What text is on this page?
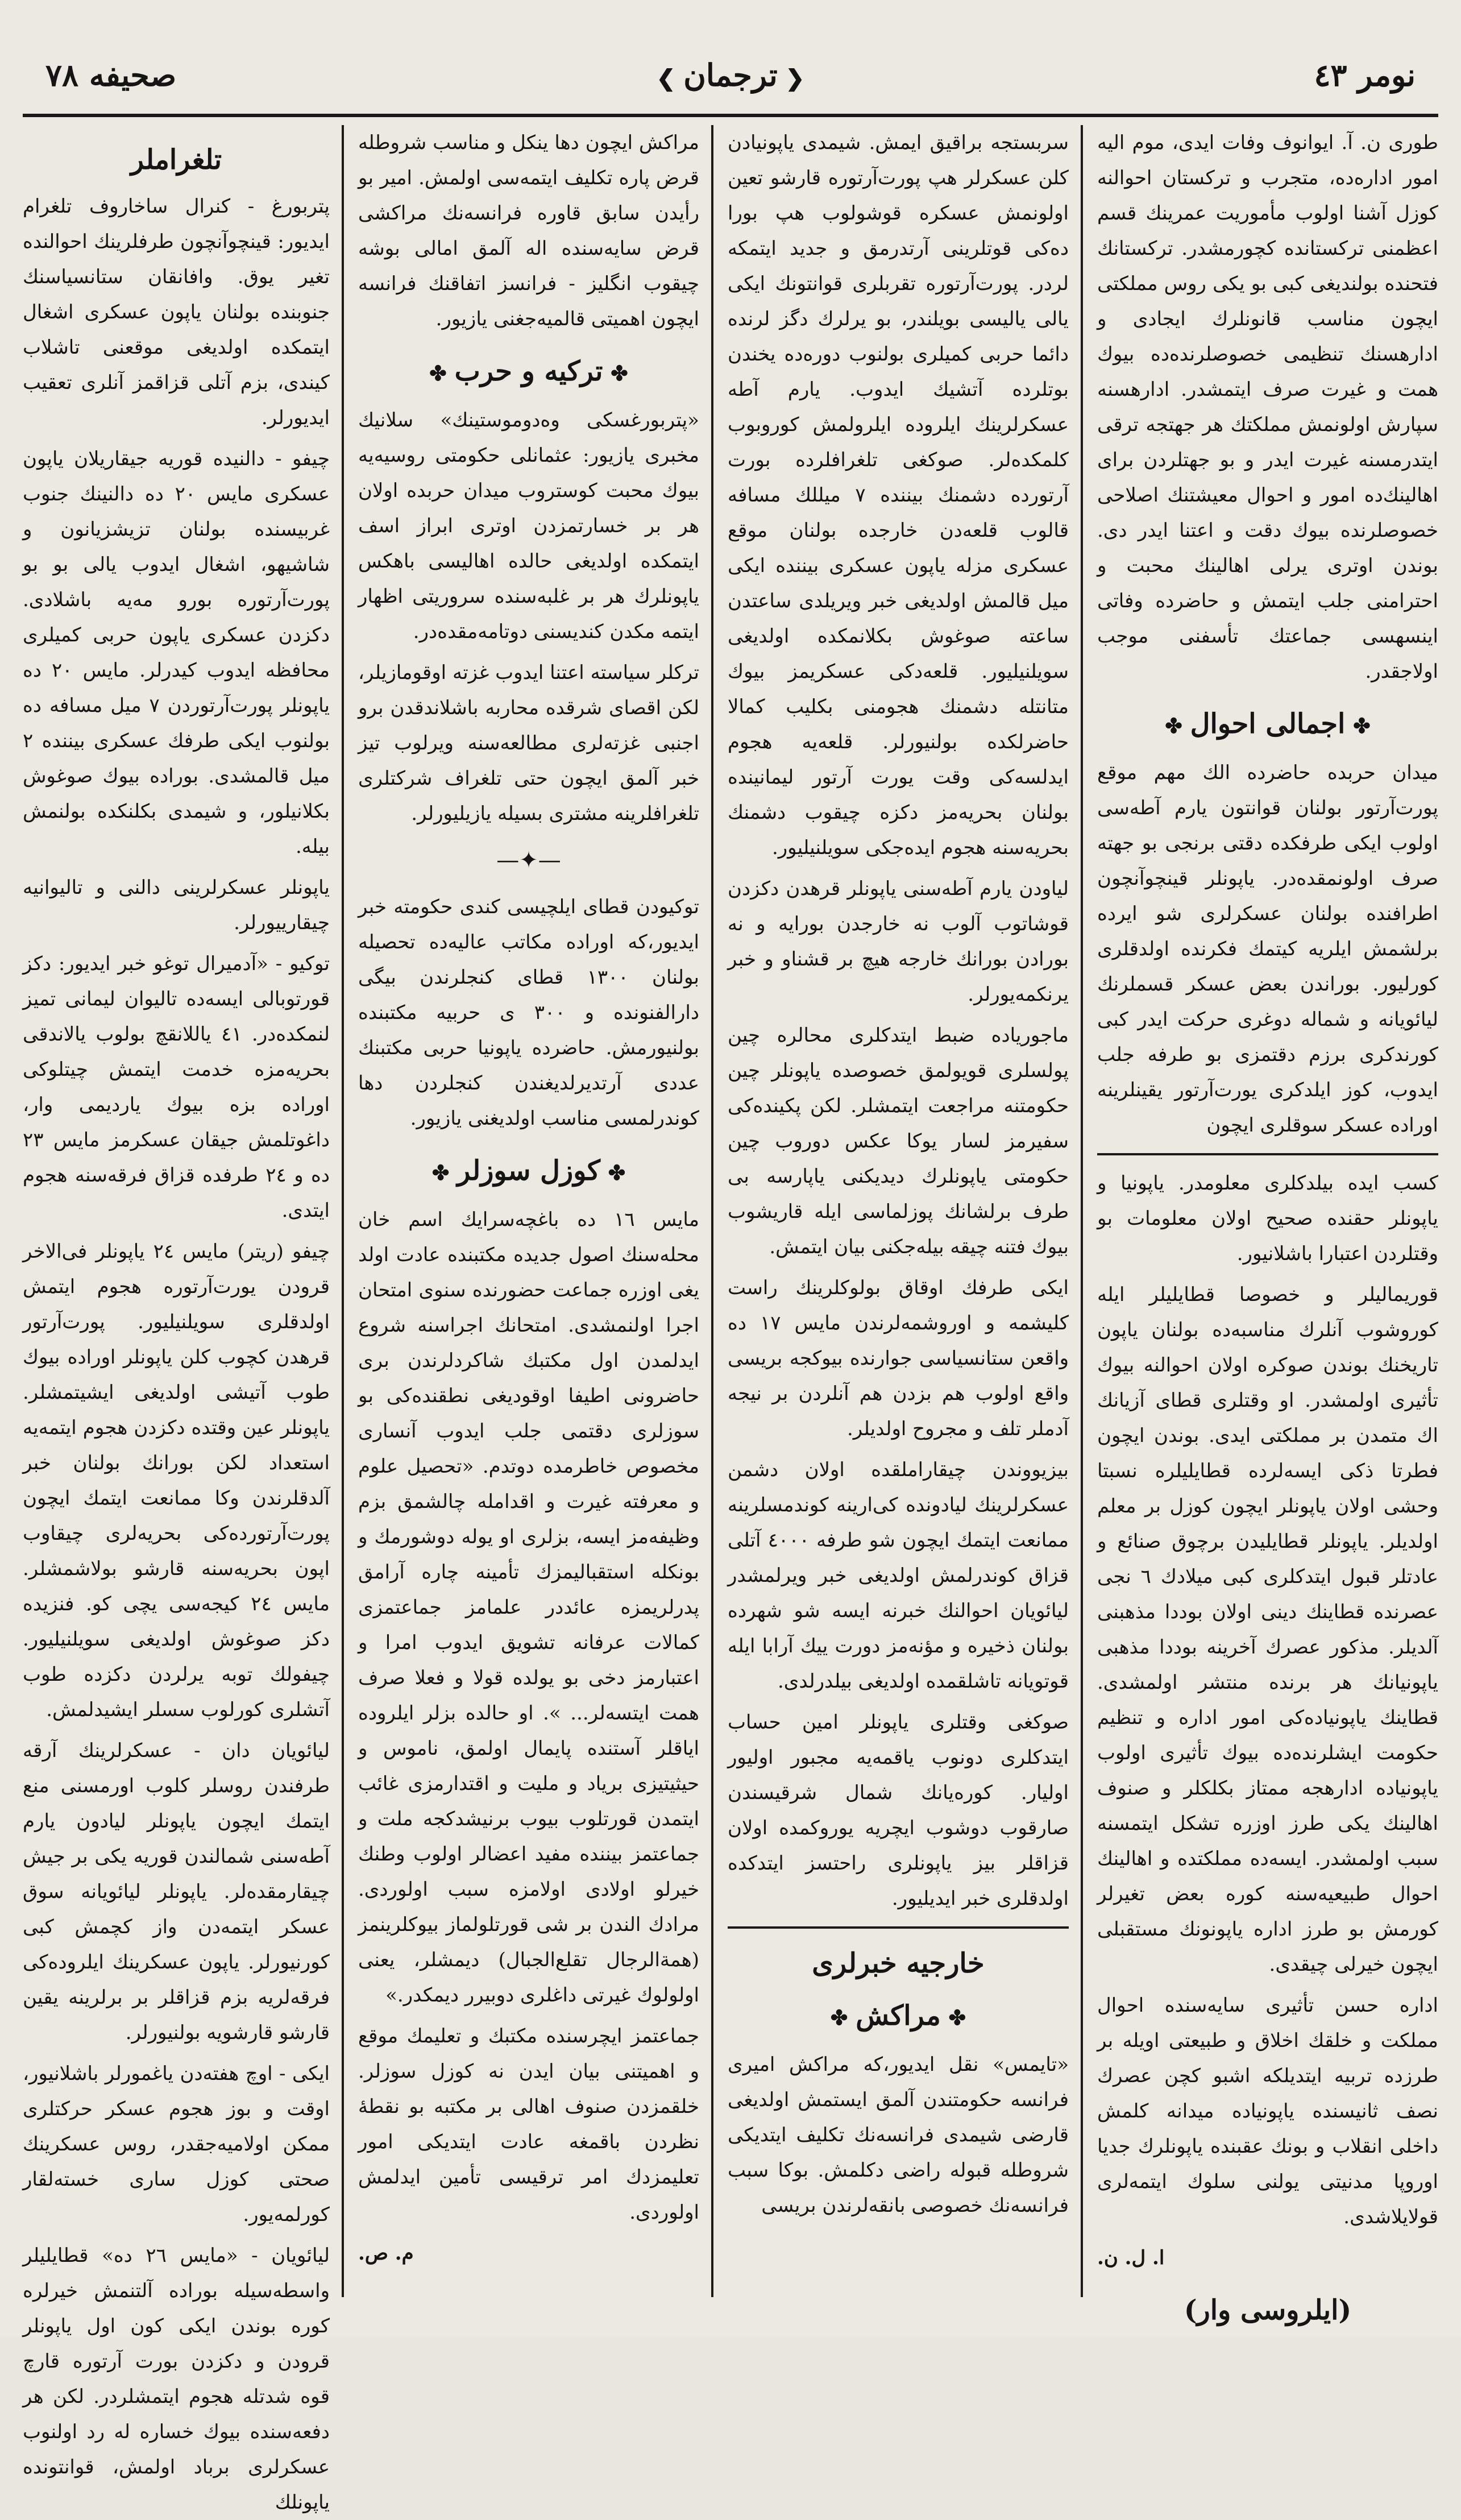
نومر ٤٣
❮ترجمان❯
صحیفه ٧٨

طوری ن. آ. ایوانوف وفات ایدی، موم الیه امور اداره‌ده، متجرب و ترکستان احوالنه کوزل آشنا اولوب مأموریت عمرینك قسم اعظمنی ترکستانده کچورمشدر. ترکستانك فتحنده بولندیغی کبی بو یکی روس مملکتی ایچون مناسب قانونلرك ایجادی و ادارهسنك تنظیمی خصوصلرنده‌ده بیوك همت و غیرت صرف ایتمشدر. ادارهسنه سپارش اولونمش مملکتك هر جهتجه ترقی ایتدرمسنه غیرت ایدر و بو جهتلردن برای اهالینك‌ده امور و احوال معیشتنك اصلاحی خصوصلرنده بیوك دقت و اعتنا ایدر دی. بوندن اوتری یرلی اهالینك محبت و احترامنی جلب ایتمش و حاضرده وفاتی اینسهسی جماعتك تأسفنی موجب اولاجقدر.

✤اجمالی احوال✤

میدان حربده حاضرده الك مهم موقع پورت‌آرتور بولنان قوانتون یارم آطه‌سی اولوب ایکی طرفکده دقتی برنجی بو جهته صرف اولونمقده‌در. یاپونلر قینچوآنچون اطرافنده بولنان عسکرلری شو ایرده برلشمش ایلریه کیتمك فکرنده اولدقلری کورلیور. بوراندن بعض عسکر قسملرنك لیائویانه و شماله دوغری حرکت ایدر کبی کورندکری برزم دقتمزی بو طرفه جلب ایدوب، کوز ایلدکری یورت‌آرتور یقینلرینه اوراده عسکر سوقلری ایچون

کسب ایده بیلدکلری معلومدر. یاپونیا و یاپونلر حقنده صحیح اولان معلومات بو وقتلردن اعتبارا باشلانیور.

قوریمالیلر و خصوصا قطایلیلر ایله کوروشوب آنلرك مناسبه‌ده بولنان یاپون تاریخنك بوندن صوکره اولان احوالنه بیوك تأثیری اولمشدر. او وقتلری قطای آزیانك اك متمدن بر مملکتی ایدی. بوندن ایچون فطرتا ذکی ایسه‌لرده قطایلیلره نسبتا وحشی اولان یاپونلر ایچون کوزل بر معلم اولدیلر. یاپونلر قطایلیدن برچوق صنائع و عادتلر قبول ایتدکلری کبی میلادك ٦ نجی عصرنده قطاینك دینی اولان بوددا مذهبنی آلدیلر. مذکور عصرك آخرینه بوددا مذهبی یاپونیانك هر برنده منتشر اولمشدی. قطاینك یاپونیاده‌کی امور اداره و تنظیم حکومت ایشلرنده‌ده بیوك تأثیری اولوب یاپونیاده ادارهجه ممتاز بکلکلر و صنوف اهالینك یکی طرز اوزره تشکل ایتمسنه سبب اولمشدر. ایسه‌ده مملکتده و اهالینك احوال طبیعیه‌سنه کوره بعض تغیرلر کورمش بو طرز اداره یاپونونك مستقبلی ایچون خیرلی چیقدی.

اداره حسن تأثیری سایه‌سنده احوال مملکت و خلقك اخلاق و طبیعتی اویله بر طرزده تربیه ایتدیلکه اشبو کچن عصرك نصف ثانیسنده یاپونیاده میدانه کلمش داخلی انقلاب و بونك عقبنده یاپونلرك جدیا اوروپا مدنیتی یولنی سلوك ایتمه‌لری قولایلاشدی.

ا. ل. ن.
(ایلروسی وار)

سربستجه براقیق ایمش. شیمدی یاپونیادن کلن عسکرلر هپ پورت‌آرتوره قارشو تعین اولونمش عسکره قوشولوب هپ بورا ده‌کی قوتلرینی آرتدرمق و جدید ایتمکه لردر. پورت‌آرتوره تقربلری قوانتونك ایکی یالی یالیسی بویلندر، بو یرلرك دگز لرنده دائما حربی کمیلری بولنوب دوره‌ده یخندن بوتلرده آتشیك ایدوب. یارم آطه عسکرلرینك ایلروده ایلرولمش کوروبوب کلمکده‌لر. صوکغی تلغرافلرده بورت آرتورده دشمنك بیننده ٧ میللك مسافه قالوب قلعه‌دن خارجده بولنان موقع عسکری مزله یاپون عسکری بیننده ایکی میل قالمش اولدیغی خبر ویریلدی ساعتدن ساعته صوغوش بکلانمکده اولدیغی سویلنیلیور. قلعه‌دکی عسکریمز بیوك متانتله دشمنك هجومنی بکلیب کمالا حاضرلکده بولنیورلر. قلعه‌یه هجوم ایدلسه‌کی وقت یورت آرتور لیمانینده بولنان بحریه‌مز دکزه چیقوب دشمنك بحریه‌سنه هجوم ایده‌جکی سویلنیلیور.

لیاودن یارم آطه‌سنی یاپونلر قرهدن دکزدن قوشاتوب آلوب نه خارجدن بورایه و نه بورادن بورانك خارجه هیچ بر قشناو و خبر یرنکمه‌یورلر.

ماجوریاده ضبط ایتدکلری محالره چین پولسلری قویولمق خصوصده یاپونلر چین حکومتنه مراجعت ایتمشلر. لکن پکینده‌کی سفیرمز لسار یوکا عکس دوروب چین حکومتی یاپونلرك دیدیکنی یاپارسه بی طرف برلشانك پوزلماسی ایله قاریشوب بیوك فتنه چیقه بیله‌جکنی بیان ایتمش.

ایکی طرفك اوقاق بولوکلرینك راست کلیشمه و اوروشمه‌لرندن مایس ١٧ ده واقعن ستانسیاسی جوارنده بیوکجه بریسی واقع اولوب هم بزدن هم آنلردن بر نیجه آدملر تلف و مجروح اولدیلر.

بیزیووندن چیقاراملقده اولان دشمن عسکرلرینك لیادونده کی‌ارینه کوندمسلرینه ممانعت ایتمك ایچون شو طرفه ٤٠٠٠ آتلی قزاق کوندرلمش اولدیغی خبر ویرلمشدر لیائویان احوالنك خبرنه ایسه شو شهرده بولنان ذخیره و مؤنه‌مز دورت ییك آرابا ایله قوتویانه تاشلقمده اولدیغی بیلدرلدی.

صوکغی وقتلری یاپونلر امین حساب ایتدکلری دونوب یاقمه‌یه مجبور اولیور اولیار. کوره‌یانك شمال شرقیسندن صارقوب دوشوب ایچریه یوروکمده اولان قزاقلر بیز یاپونلری راحتسز ایتدکده اولدقلری خبر ایدیلیور.

خارجیه خبرلری
✤مراکش✤

«تایمس» نقل ایدیور،که مراکش امیری فرانسه حکومتندن آلمق ایستمش اولدیغی قارضی شیمدی فرانسه‌نك تکلیف ایتدیکی شروطله قبوله راضی دکلمش. بوکا سبب فرانسه‌نك خصوصی بانقه‌لرندن بریسی

مراکش ایچون دها ینکل و مناسب شروطله قرض پاره تکلیف ایتمه‌سی اولمش. امیر بو رأیدن سابق قاوره فرانسه‌نك مراکشی قرض سایه‌سنده اله آلمق امالی بوشه چیقوب انگلیز - فرانسز اتفاقنك فرانسه ایچون اهمیتی قالمیه‌جغنی یازیور.

✤ترکیه و حرب✤

«پتربورغسکی وه‌دوموستینك» سلانیك مخبری یازیور: عثمانلی حکومتی روسیه‌یه بیوك محبت کوستروب میدان حربده اولان هر بر خسارتمزدن اوتری ابراز اسف ایتمکده اولدیغی حالده اهالیسی باهکس یاپونلرك هر بر غلبه‌سنده سروریتی اظهار ایتمه مکدن کندیسنی دوتامه‌مقده‌در.

ترکلر سیاسته اعتنا ایدوب غزته اوقومازیلر، لکن اقصای شرقده محاربه باشلاندقدن برو اجنبی غزته‌لری مطالعه‌سنه ویرلوب تیز خبر آلمق ایچون حتی تلغراف شرکتلری تلغرافلرینه مشتری بسیله یازیلیورلر.

—✦—

توکیودن قطای ایلچیسی کندی حکومته خبر ایدیور،که اوراده مکاتب عالیه‌ده تحصیله بولنان ١٣٠٠ قطای کنجلرندن بیگی دارالفنونده و ٣٠٠ ی حربیه مکتبنده بولنیورمش. حاضرده یاپونیا حربی مکتبنك عددی آرتدیرلدیغندن کنجلردن دها کوندرلمسی مناسب اولدیغنی یازیور.

✤کوزل سوزلر✤

مایس ١٦ ده باغچه‌سرایك اسم خان محله‌سنك اصول جدیده مکتبنده عادت اولد یغی اوزره جماعت حضورنده سنوی امتحان اجرا اولنمشدی. امتحانك اجراسنه شروع ایدلمدن اول مکتبك شاکردلرندن بری حاضرونی اطیفا اوقودیغی نطقنده‌کی بو سوزلری دقتمی جلب ایدوب آنساری مخصوص خاطرمده دوتدم. «تحصیل علوم و معرفته غیرت و اقدامله چالشمق بزم وظیفه‌مز ایسه، بزلری او یوله دوشورمك و بونکله استقبالیمزك تأمینه چاره آرامق پدرلریمزه عائددر علمامز جماعتمزی کمالات عرفانه تشویق ایدوب امرا و اعتبارمز دخی بو یولده قولا و فعلا صرف همت ایتسه‌لر... ». او حالده بزلر ایلروده ایاقلر آستنده پایمال اولمق، ناموس و حیثیتیزی بریاد و ملیت و اقتدارمزی غائب ایتمدن قورتلوب بیوب برنیشدکجه ملت و جماعتمز بیننده مفید اعضالر اولوب وطنك خیرلو اولادی اولامزه سبب اولوردی. مرادك الندن بر شی قورتلولماز بیوکلرینمز (همة‌الرجال تقلع‌الجبال) دیمشلر، یعنی اولولوك غیرتی داغلری دوبیرر دیمکدر.»

جماعتمز ایچرسنده مکتبك و تعلیمك موقع و اهمیتنی بیان ایدن نه کوزل سوزلر. خلقمزدن صنوف اهالی بر مکتبه بو نقطه‌ٔ نظردن باقمغه عادت ایتدیکی امور تعلیمزدك امر ترقیسی تأمین ایدلمش اولوردی.

م. ص.
تلغراملر

پتربورغ - کنرال ساخاروف تلغرام ایدیور: قینچوآنچون طرفلرینك احوالنده تغیر یوق. وافانقان ستانسیاسنك جنوبنده بولنان یاپون عسکری اشغال ایتمکده اولدیغی موقعنی تاشلاب کیندی، بزم آتلی قزاقمز آنلری تعقیب ایدیورلر.

چیفو - دالنیده قوریه جیقاریلان یاپون عسکری مایس ٢٠ ده دالنینك جنوب غربیسنده بولنان تزیشزیانون و شاشیهو، اشغال ایدوب یالی بو بو پورت‌آرتوره بورو مه‌یه باشلادی. دکزدن عسکری یاپون حربی کمیلری محافظه ایدوب کیدرلر. مایس ٢٠ ده یاپونلر پورت‌آرتوردن ٧ میل مسافه ده بولنوب ایکی طرفك عسکری بیننده ٢ میل قالمشدی. بوراده بیوك صوغوش بکلانیلور، و شیمدی بکلنکده بولنمش بیله.

یاپونلر عسکرلرینی دالنی و تالیوانیه چیقارییورلر.

توکیو - «آدمیرال توغو خبر ایدیور: دکز قورتوبالی ایسه‌ده تالیوان لیمانی تمیز لنمکده‌در. ٤١ یاللانقچ بولوب یالاندقی بحریه‌مزه خدمت ایتمش چیتلوکی اوراده بزه بیوك یاردیمی وار، داغوتلمش جیقان عسکرمز مایس ٢٣ ده و ٢٤ طرفده قزاق فرقه‌سنه هجوم ایتدی.

چیفو (ریتر) مایس ٢٤ یاپونلر فی‌الاخر قرودن یورت‌آرتوره هجوم ایتمش اولدقلری سویلنیلیور. پورت‌آرتور قرهدن کچوب کلن یاپونلر اوراده بیوك طوب آتیشی اولدیغی ایشیتمشلر. یاپونلر عین وقتده دکزدن هجوم ایتمه‌یه استعداد لکن بورانك بولنان خبر آلدقلرندن وکا ممانعت ایتمك ایچون پورت‌آرتورده‌کی بحریه‌لری چیقاوب اپون بحریه‌سنه قارشو بولاشمشلر. مایس ٢٤ کیجه‌سی یچی کو. فنزیده دکز صوغوش اولدیغی سویلنیلیور. چیفولك توبه یرلردن دکزده طوب آتشلری کورلوب سسلر ایشیدلمش.

لیائویان‌ دان - عسکرلرینك آرقه طرفندن روسلر کلوب اورمسنی منع ایتمك ایچون یاپونلر لیادون یارم آطه‌سنی شمالندن قوریه یکی بر جیش چیقارمقده‌لر. یاپونلر لیائویانه سوق عسکر ایتمه‌دن واز کچمش کبی کورنیورلر. یاپون عسکرینك ایلروده‌کی فرقه‌لریه بزم قزاقلر بر برلرینه یقین قارشو قارشویه بولنیورلر.

ایکی - اوچ هفته‌دن یاغمورلر باشلانیور، اوقت و بوز هجوم عسکر حرکتلری ممکن اولامیه‌جقدر، روس عسکرینك صحتی کوزل ساری خسته‌لقار کورلمه‌یور.

لیائویان - «مایس ٢٦ ده» قطایلیلر واسطه‌سیله بوراده آلتنمش خیرلره کوره بوندن ایکی کون اول یاپونلر قرودن و دکزدن بورت آرتوره قارچ قوه شدتله هجوم ایتمشلردر. لکن هر دفعه‌سنده بیوك خساره له رد اولنوب عسکرلری برباد اولمش، قوانتونده یاپونلك
